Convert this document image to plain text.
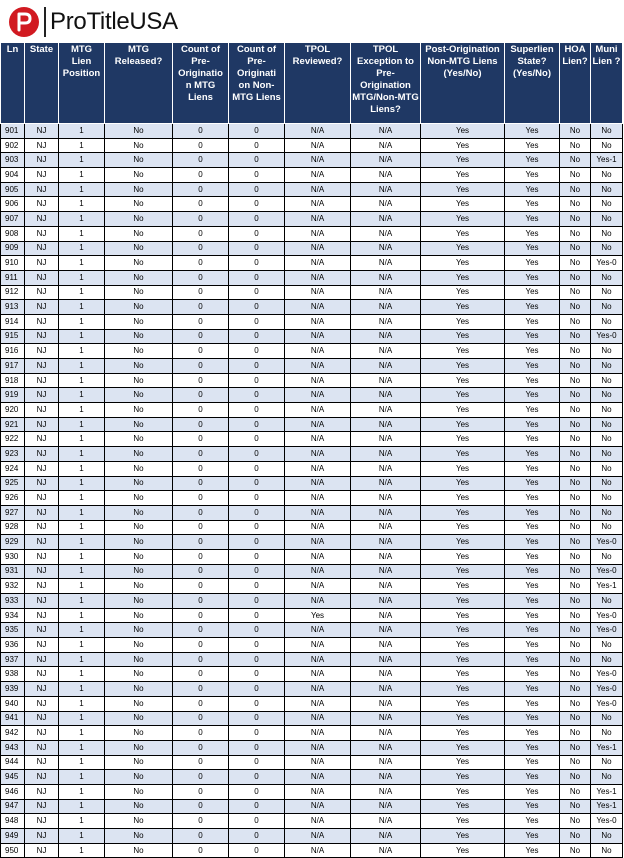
ProTitleUSA
Ln	State	MTG Lien Position	MTG Released?	Count of Pre-Originatio n MTG Liens	Count of Pre-Originati on Non-MTG Liens	TPOL Reviewed?	TPOL Exception to Pre-Origination MTG/Non-MTG Liens?	Post-Origination Non-MTG Liens (Yes/No)	Superlien State? (Yes/No)	HOA Lien?	Muni Lien ?
901	NJ	1	No	0	0	N/A	N/A	Yes	Yes	No	No
902	NJ	1	No	0	0	N/A	N/A	Yes	Yes	No	No
903	NJ	1	No	0	0	N/A	N/A	Yes	Yes	No	Yes-1
904	NJ	1	No	0	0	N/A	N/A	Yes	Yes	No	No
905	NJ	1	No	0	0	N/A	N/A	Yes	Yes	No	No
906	NJ	1	No	0	0	N/A	N/A	Yes	Yes	No	No
907	NJ	1	No	0	0	N/A	N/A	Yes	Yes	No	No
908	NJ	1	No	0	0	N/A	N/A	Yes	Yes	No	No
909	NJ	1	No	0	0	N/A	N/A	Yes	Yes	No	No
910	NJ	1	No	0	0	N/A	N/A	Yes	Yes	No	Yes-0
911	NJ	1	No	0	0	N/A	N/A	Yes	Yes	No	No
912	NJ	1	No	0	0	N/A	N/A	Yes	Yes	No	No
913	NJ	1	No	0	0	N/A	N/A	Yes	Yes	No	No
914	NJ	1	No	0	0	N/A	N/A	Yes	Yes	No	No
915	NJ	1	No	0	0	N/A	N/A	Yes	Yes	No	Yes-0
916	NJ	1	No	0	0	N/A	N/A	Yes	Yes	No	No
917	NJ	1	No	0	0	N/A	N/A	Yes	Yes	No	No
918	NJ	1	No	0	0	N/A	N/A	Yes	Yes	No	No
919	NJ	1	No	0	0	N/A	N/A	Yes	Yes	No	No
920	NJ	1	No	0	0	N/A	N/A	Yes	Yes	No	No
921	NJ	1	No	0	0	N/A	N/A	Yes	Yes	No	No
922	NJ	1	No	0	0	N/A	N/A	Yes	Yes	No	No
923	NJ	1	No	0	0	N/A	N/A	Yes	Yes	No	No
924	NJ	1	No	0	0	N/A	N/A	Yes	Yes	No	No
925	NJ	1	No	0	0	N/A	N/A	Yes	Yes	No	No
926	NJ	1	No	0	0	N/A	N/A	Yes	Yes	No	No
927	NJ	1	No	0	0	N/A	N/A	Yes	Yes	No	No
928	NJ	1	No	0	0	N/A	N/A	Yes	Yes	No	No
929	NJ	1	No	0	0	N/A	N/A	Yes	Yes	No	Yes-0
930	NJ	1	No	0	0	N/A	N/A	Yes	Yes	No	No
931	NJ	1	No	0	0	N/A	N/A	Yes	Yes	No	Yes-0
932	NJ	1	No	0	0	N/A	N/A	Yes	Yes	No	Yes-1
933	NJ	1	No	0	0	N/A	N/A	Yes	Yes	No	No
934	NJ	1	No	0	0	Yes	N/A	Yes	Yes	No	Yes-0
935	NJ	1	No	0	0	N/A	N/A	Yes	Yes	No	Yes-0
936	NJ	1	No	0	0	N/A	N/A	Yes	Yes	No	No
937	NJ	1	No	0	0	N/A	N/A	Yes	Yes	No	No
938	NJ	1	No	0	0	N/A	N/A	Yes	Yes	No	Yes-0
939	NJ	1	No	0	0	N/A	N/A	Yes	Yes	No	Yes-0
940	NJ	1	No	0	0	N/A	N/A	Yes	Yes	No	Yes-0
941	NJ	1	No	0	0	N/A	N/A	Yes	Yes	No	No
942	NJ	1	No	0	0	N/A	N/A	Yes	Yes	No	No
943	NJ	1	No	0	0	N/A	N/A	Yes	Yes	No	Yes-1
944	NJ	1	No	0	0	N/A	N/A	Yes	Yes	No	No
945	NJ	1	No	0	0	N/A	N/A	Yes	Yes	No	No
946	NJ	1	No	0	0	N/A	N/A	Yes	Yes	No	Yes-1
947	NJ	1	No	0	0	N/A	N/A	Yes	Yes	No	Yes-1
948	NJ	1	No	0	0	N/A	N/A	Yes	Yes	No	Yes-0
949	NJ	1	No	0	0	N/A	N/A	Yes	Yes	No	No
950	NJ	1	No	0	0	N/A	N/A	Yes	Yes	No	No
